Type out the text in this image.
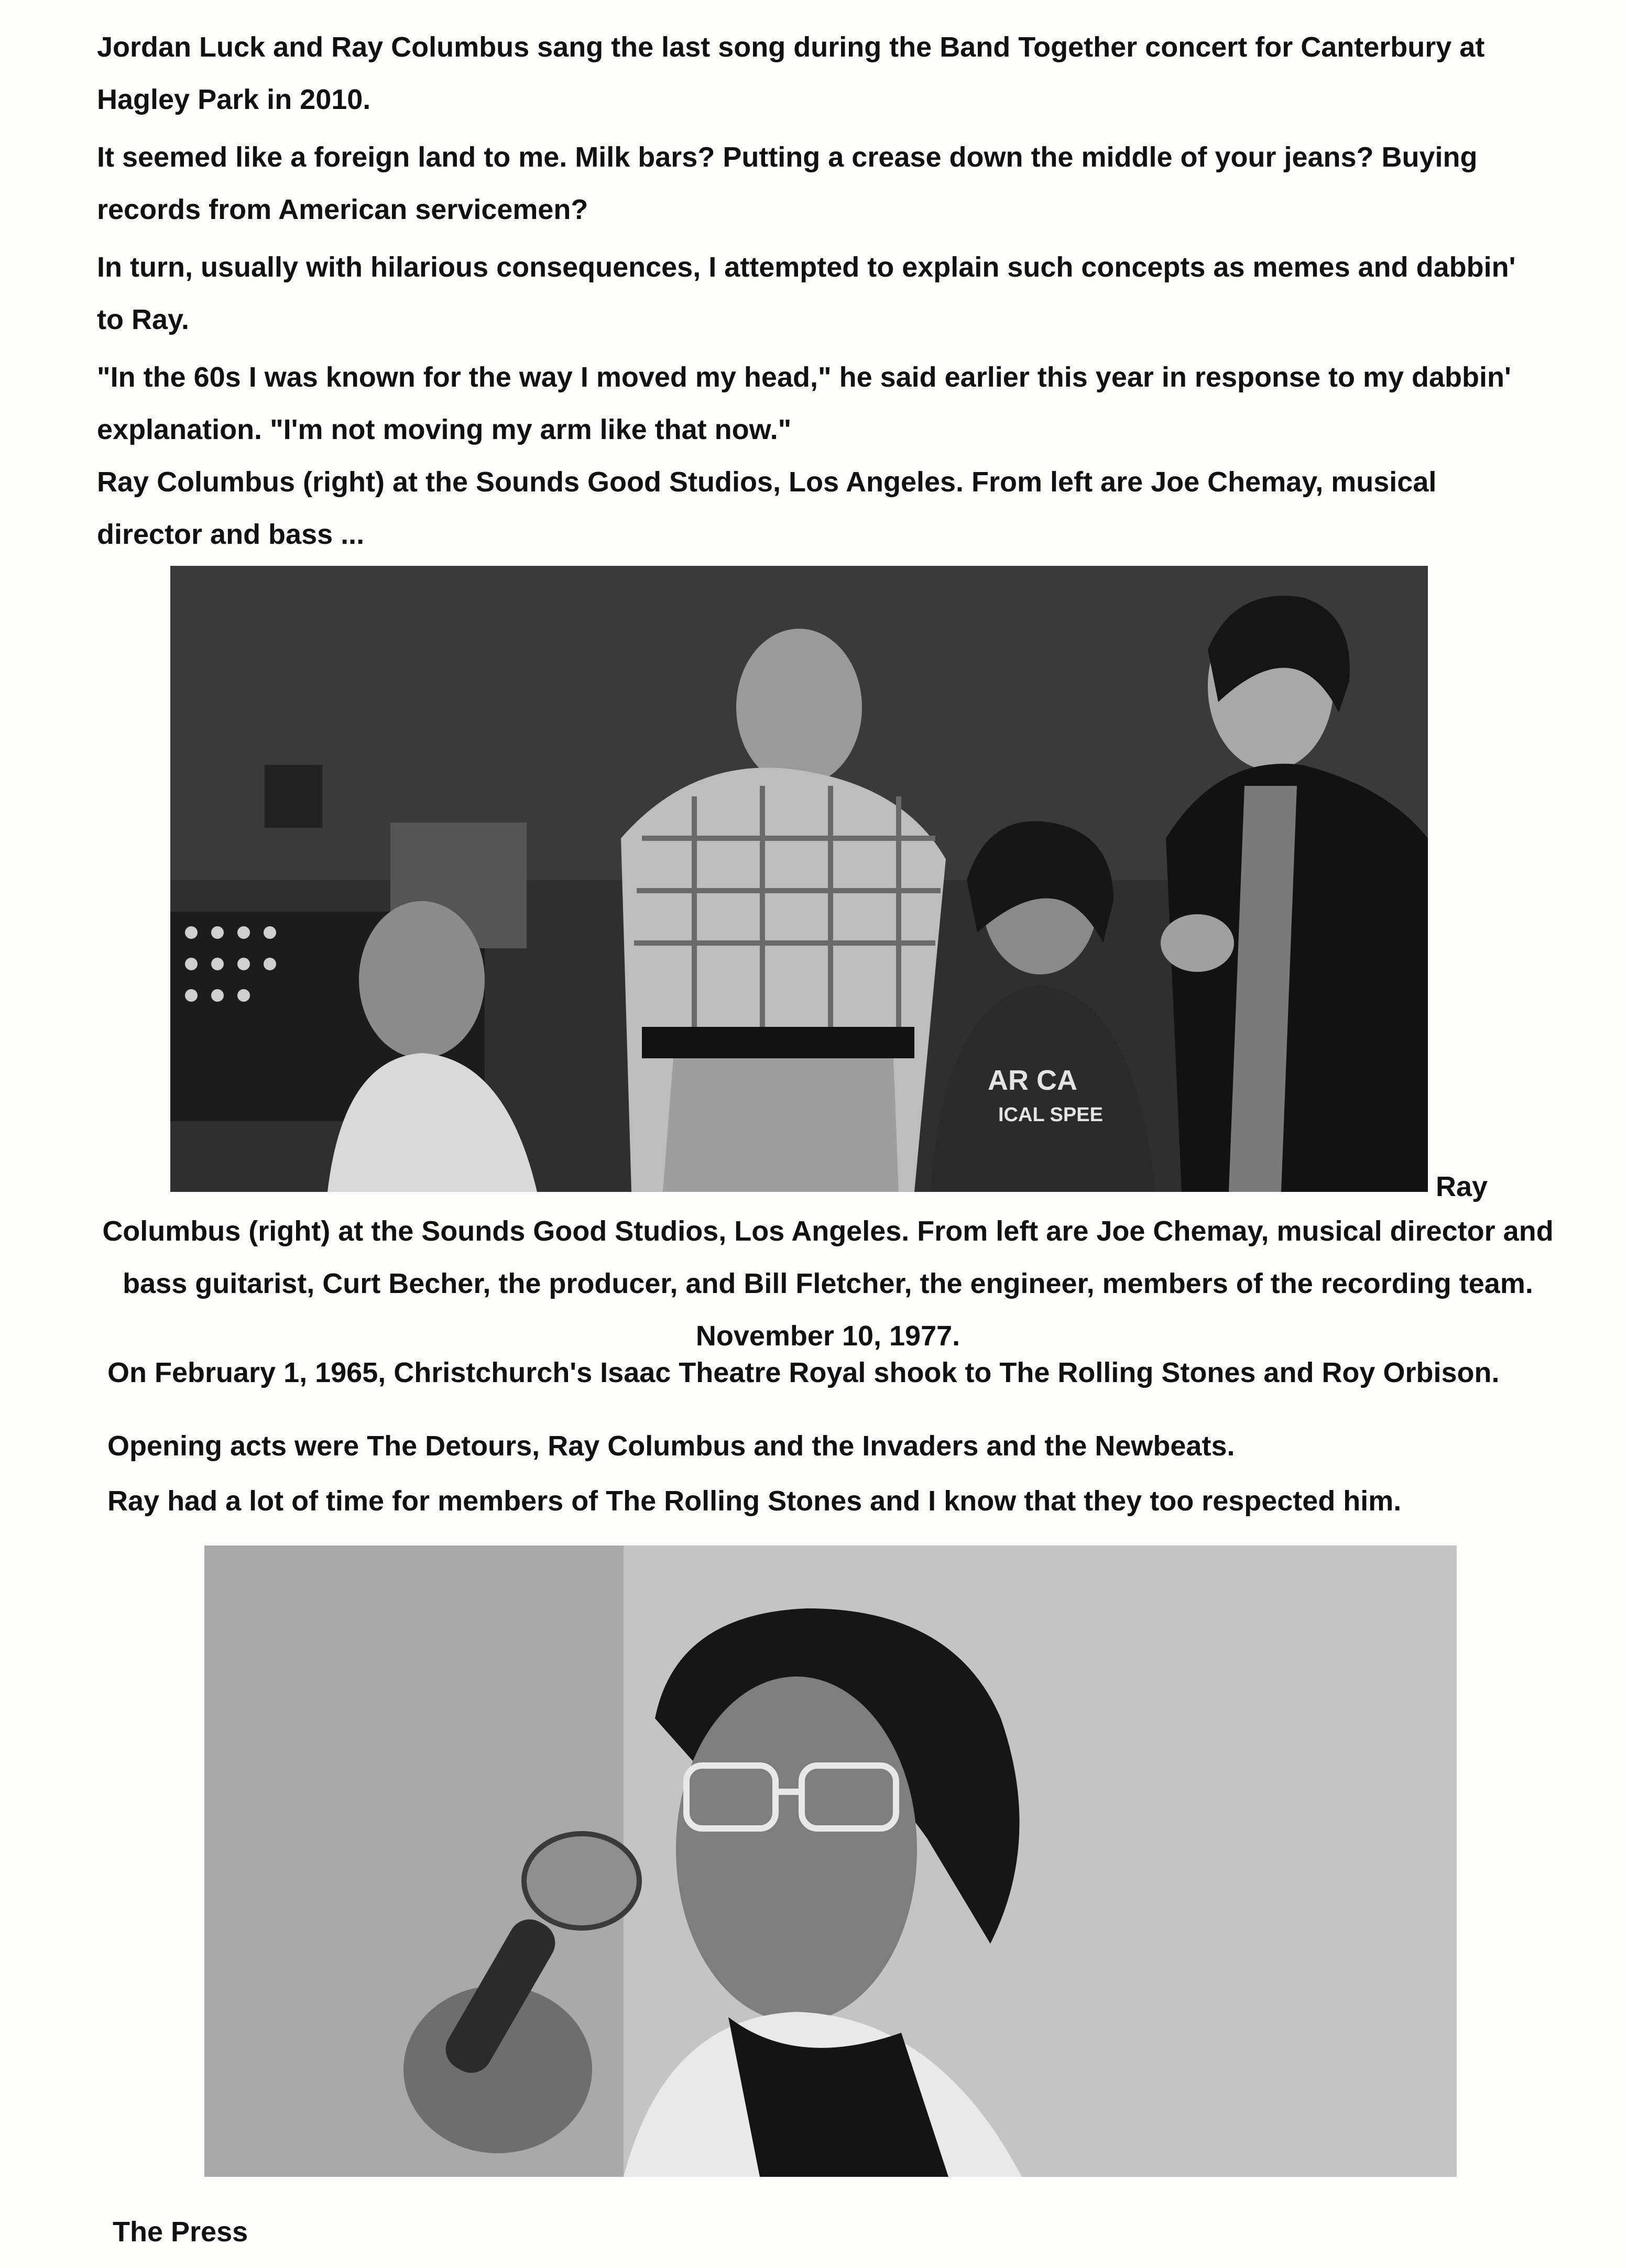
Jordan Luck and Ray Columbus sang the last song during the Band Together concert for Canterbury at Hagley Park in 2010.
It seemed like a foreign land to me. Milk bars? Putting a crease down the middle of your jeans? Buying records from American servicemen?
In turn, usually with hilarious consequences, I attempted to explain such concepts as memes and dabbin' to Ray.
"In the 60s I was known for the way I moved my head," he said earlier this year in response to my dabbin' explanation. "I'm not moving my arm like that now."
Ray Columbus (right) at the Sounds Good Studios, Los Angeles. From left are Joe Chemay, musical director and bass ...
AR CA
ICAL SPEE
Ray
Columbus (right) at the Sounds Good Studios, Los Angeles. From left are Joe Chemay, musical director and bass guitarist, Curt Becher, the producer, and Bill Fletcher, the engineer, members of the recording team. November 10, 1977.
On February 1, 1965, Christchurch's Isaac Theatre Royal shook to The Rolling Stones and Roy Orbison.
Opening acts were The Detours, Ray Columbus and the Invaders and the Newbeats.
Ray had a lot of time for members of The Rolling Stones and I know that they too respected him.
The Press
